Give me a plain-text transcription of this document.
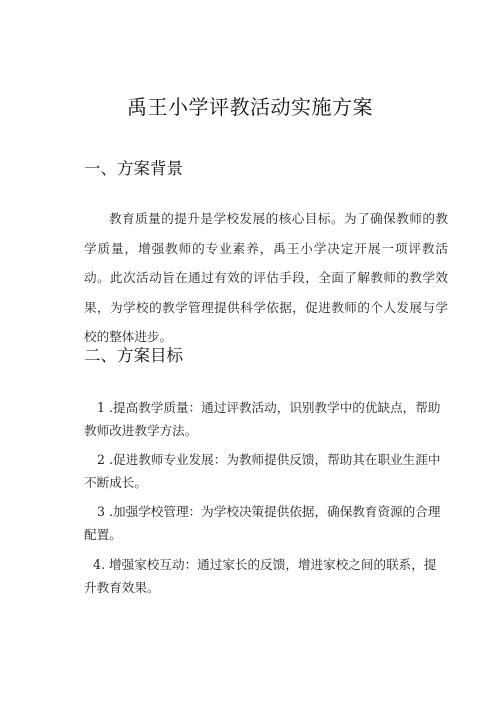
禹王小学评教活动实施方案
一、方案背景

教育质量的提升是学校发展的核心目标。为了确保教师的教学质量，增强教师的专业素养，禹王小学决定开展一项评教活动。此次活动旨在通过有效的评估手段，全面了解教师的教学效果，为学校的教学管理提供科学依据，促进教师的个人发展与学校的整体进步。

二、方案目标

1 .提高教学质量：通过评教活动，识别教学中的优缺点，帮助教师改进教学方法。

2 .促进教师专业发展：为教师提供反馈，帮助其在职业生涯中不断成长。

3 .加强学校管理：为学校决策提供依据，确保教育资源的合理配置。

4. 增强家校互动：通过家长的反馈，增进家校之间的联系，提升教育效果。
